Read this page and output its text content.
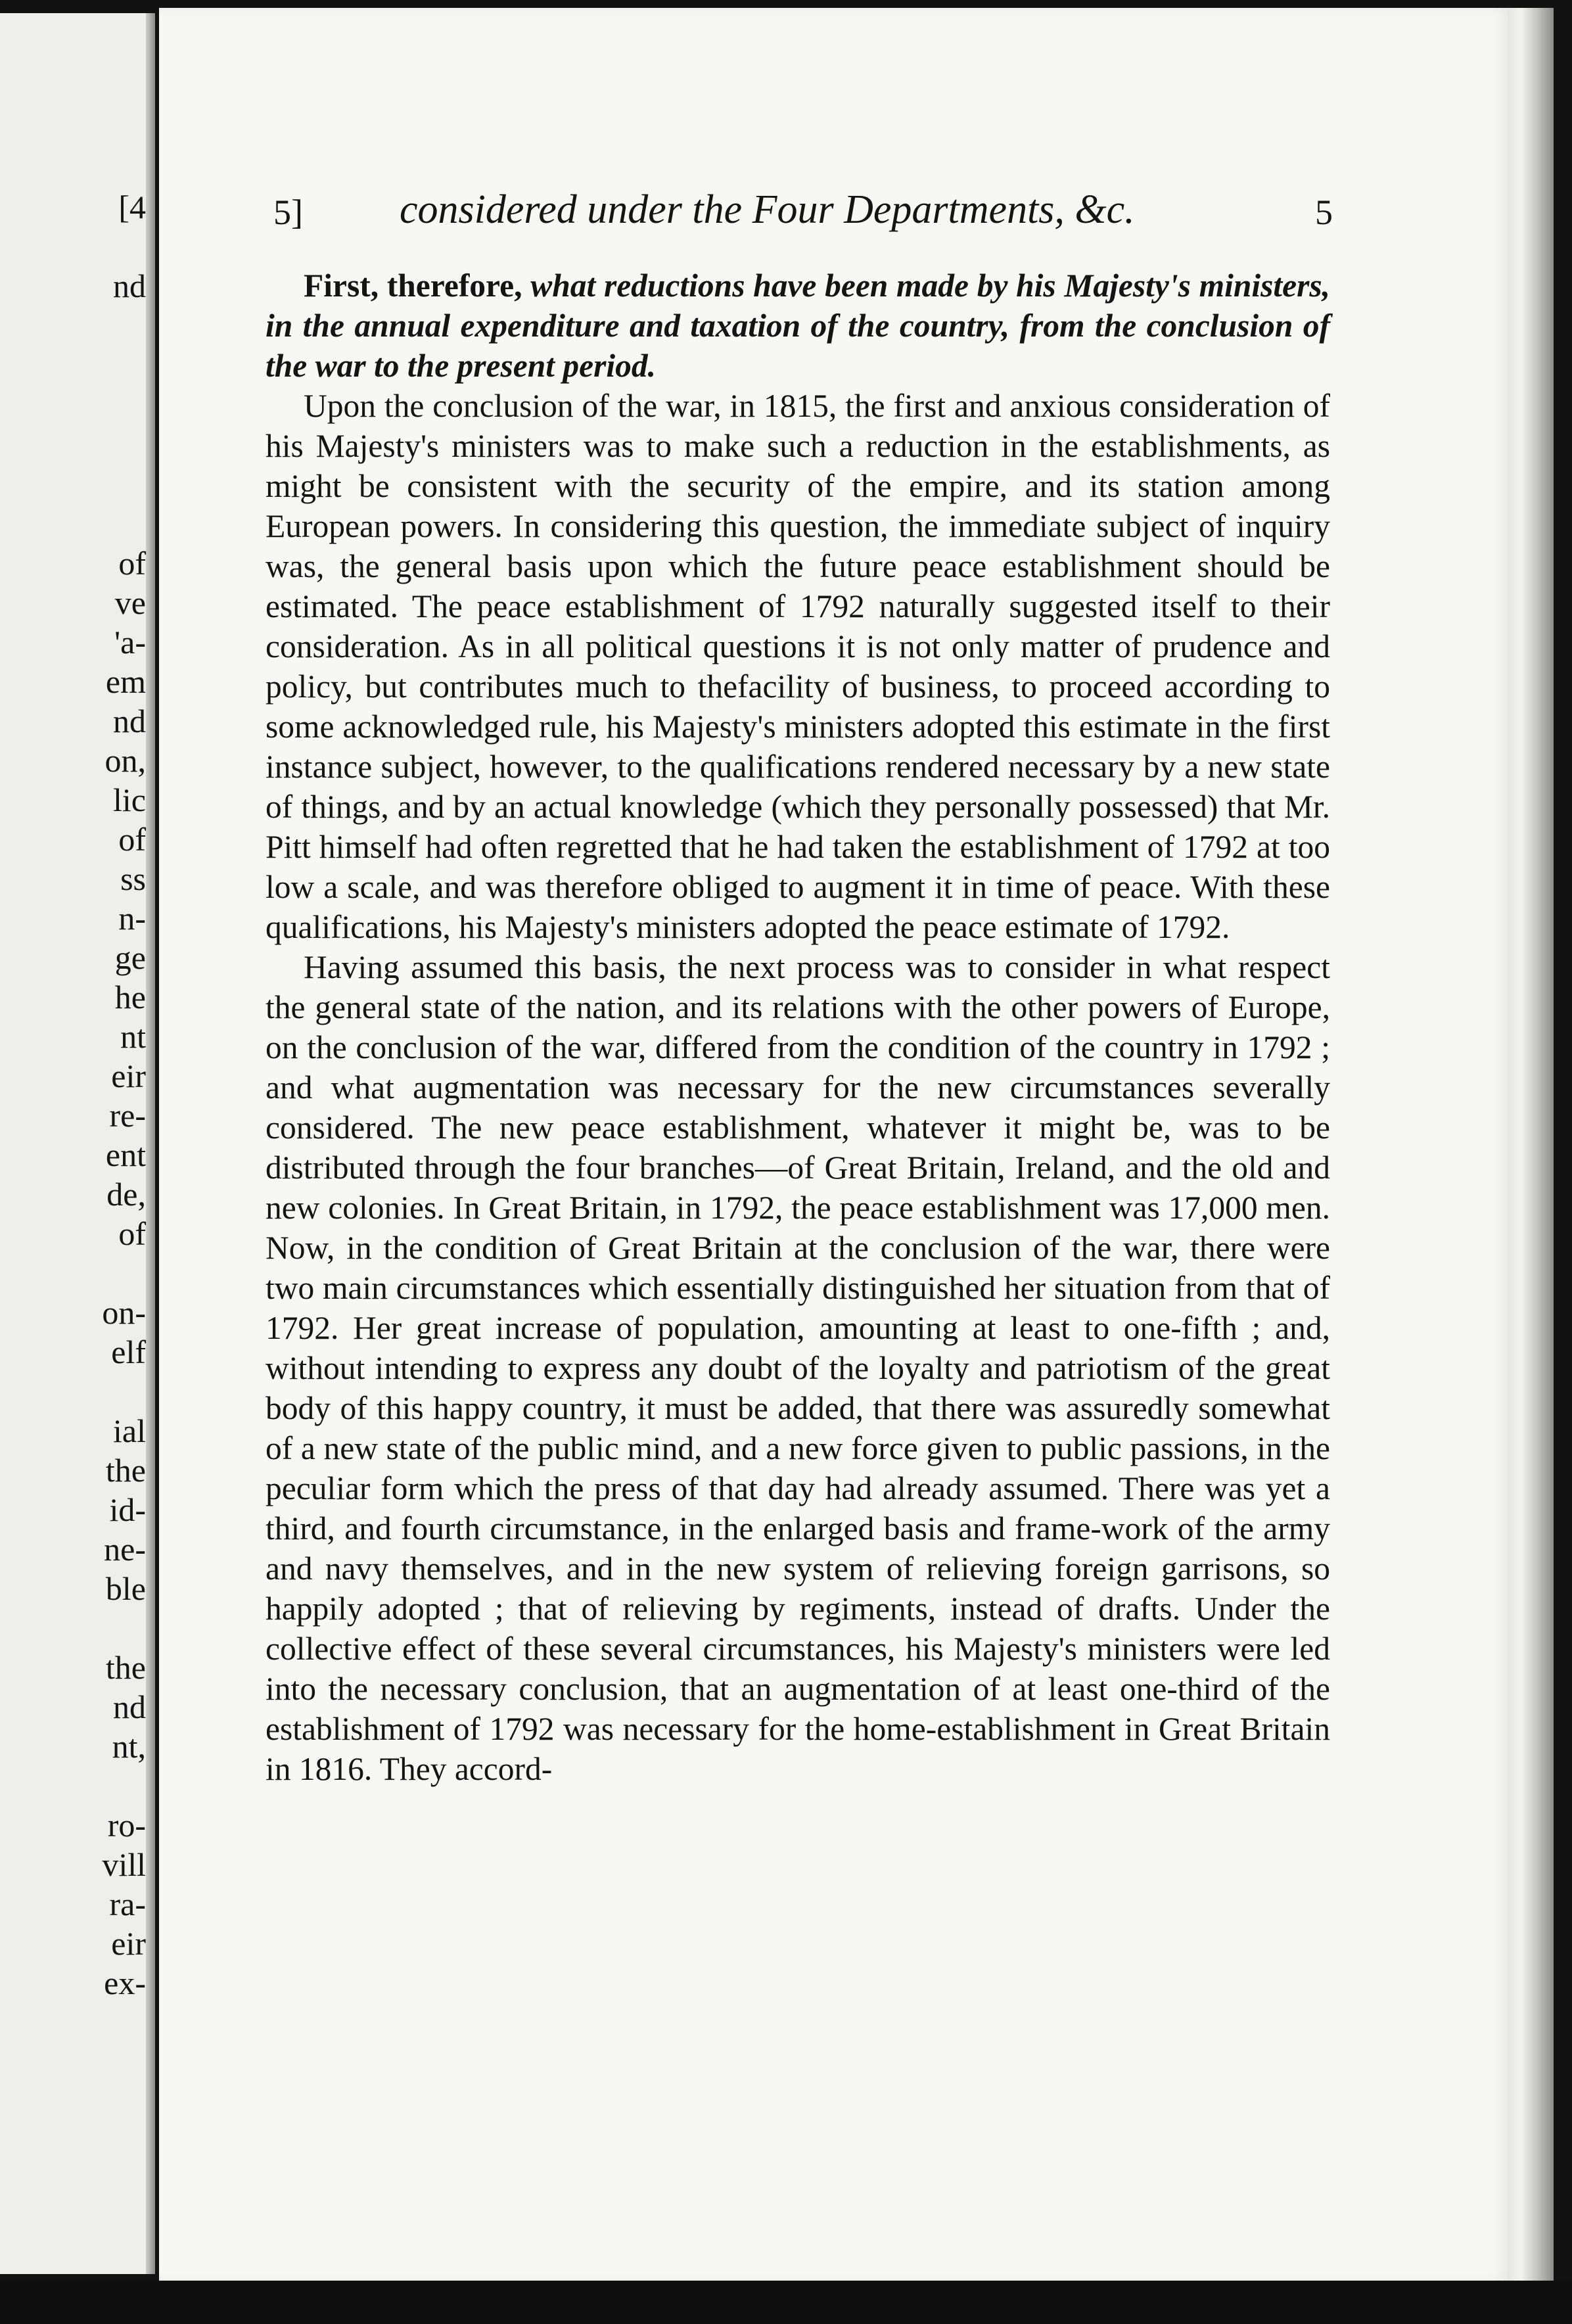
[4
nd
of
ve
'a-
em
nd
on,
lic
of
ss
n-
ge
he
nt
eir
re-
ent
de,
of
on-
elf
ial
the
id-
ne-
ble
the
nd
nt,
ro-
vill
ra-
eir
ex-
5] considered under the Four Departments, &c.	5

First, therefore, what reductions have been made by his Majesty's ministers, in the annual expenditure and taxation of the country, from the conclusion of the war to the present period.

Upon the conclusion of the war, in 1815, the first and anxious consideration of his Majesty's ministers was to make such a reduction in the establishments, as might be consistent with the security of the empire, and its station among European powers. In considering this question, the immediate subject of inquiry was, the general basis upon which the future peace establishment should be estimated. The peace establishment of 1792 naturally suggested itself to their consideration. As in all political questions it is not only matter of prudence and policy, but contributes much to thefacility of business, to proceed according to some acknowledged rule, his Majesty's ministers adopted this estimate in the first instance subject, however, to the qualifications rendered necessary by a new state of things, and by an actual knowledge (which they personally possessed) that Mr. Pitt himself had often regretted that he had taken the establishment of 1792 at too low a scale, and was therefore obliged to augment it in time of peace. With these qualifications, his Majesty's ministers adopted the peace estimate of 1792.

Having assumed this basis, the next process was to consider in what respect the general state of the nation, and its relations with the other powers of Europe, on the conclusion of the war, differed from the condition of the country in 1792 ; and what augmentation was necessary for the new circumstances severally considered. The new peace establishment, whatever it might be, was to be distributed through the four branches—of Great Britain, Ireland, and the old and new colonies. In Great Britain, in 1792, the peace establishment was 17,000 men. Now, in the condition of Great Britain at the conclusion of the war, there were two main circumstances which essentially distinguished her situation from that of 1792. Her great increase of population, amounting at least to one-fifth ; and, without intending to express any doubt of the loyalty and patriotism of the great body of this happy country, it must be added, that there was assuredly somewhat of a new state of the public mind, and a new force given to public passions, in the peculiar form which the press of that day had already assumed. There was yet a third, and fourth circumstance, in the enlarged basis and frame-work of the army and navy themselves, and in the new system of relieving foreign garrisons, so happily adopted ; that of relieving by regiments, instead of drafts. Under the collective effect of these several circumstances, his Majesty's ministers were led into the necessary conclusion, that an augmentation of at least one-third of the establishment of 1792 was necessary for the home-establishment in Great Britain in 1816. They accord-
